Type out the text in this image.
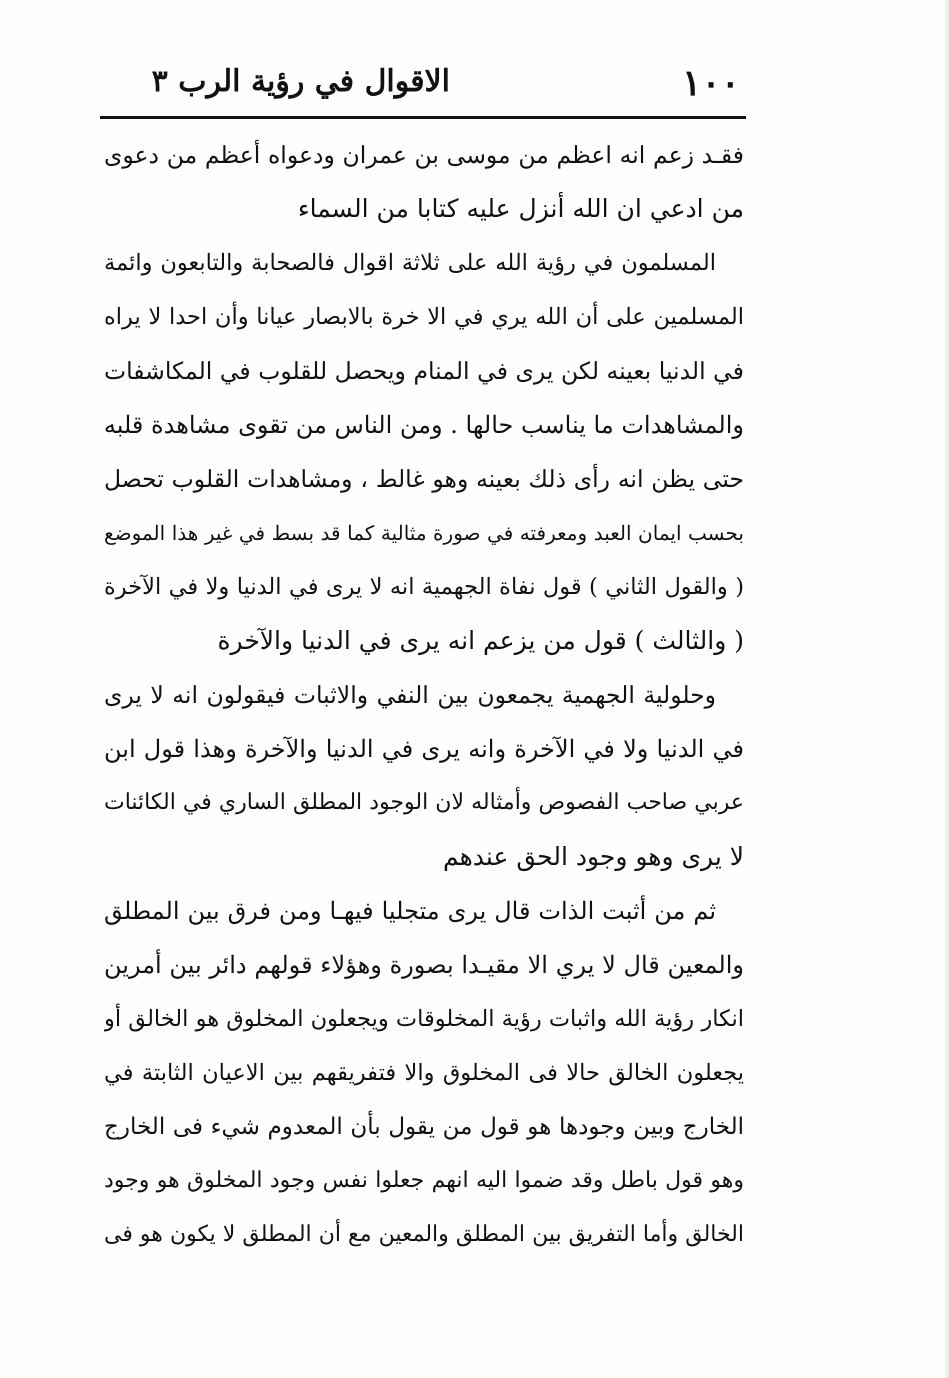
١٠٠
الاقوال في رؤية الرب ٣
فقـد زعم انه اعظم من موسى بن عمران ودعواه أعظم من دعوى
من ادعي ان الله أنزل عليه كتابا من السماء
المسلمون في رؤية الله على ثلاثة اقوال فالصحابة والتابعون وائمة
المسلمين على أن الله يري في الا خرة بالابصار عيانا وأن احدا لا يراه
في الدنيا بعينه لكن يرى في المنام ويحصل للقلوب في المكاشفات
والمشاهدات ما يناسب حالها . ومن الناس من تقوى مشاهدة قلبه
حتى يظن انه رأى ذلك بعينه وهو غالط ، ومشاهدات القلوب تحصل
بحسب ايمان العبد ومعرفته في صورة مثالية كما قد بسط في غير هذا الموضع
( والقول الثاني ) قول نفاة الجهمية انه لا يرى في الدنيا ولا في الآخرة
( والثالث ) قول من يزعم انه يرى في الدنيا والآخرة
وحلولية الجهمية يجمعون بين النفي والاثبات فيقولون انه لا يرى
في الدنيا ولا في الآخرة وانه يرى في الدنيا والآخرة وهذا قول ابن
عربي صاحب الفصوص وأمثاله لان الوجود المطلق الساري في الكائنات
لا يرى وهو وجود الحق عندهم
ثم من أثبت الذات قال يرى متجليا فيهـا ومن فرق بين المطلق
والمعين قال لا يري الا مقيـدا بصورة وهؤلاء قولهم دائر بين أمرين
انكار رؤية الله واثبات رؤية المخلوقات ويجعلون المخلوق هو الخالق أو
يجعلون الخالق حالا فى المخلوق والا فتفريقهم بين الاعيان الثابتة في
الخارج وبين وجودها هو قول من يقول بأن المعدوم شيء فى الخارج
وهو قول باطل وقد ضموا اليه انهم جعلوا نفس وجود المخلوق هو وجود
الخالق وأما التفريق بين المطلق والمعين مع أن المطلق لا يكون هو فى
